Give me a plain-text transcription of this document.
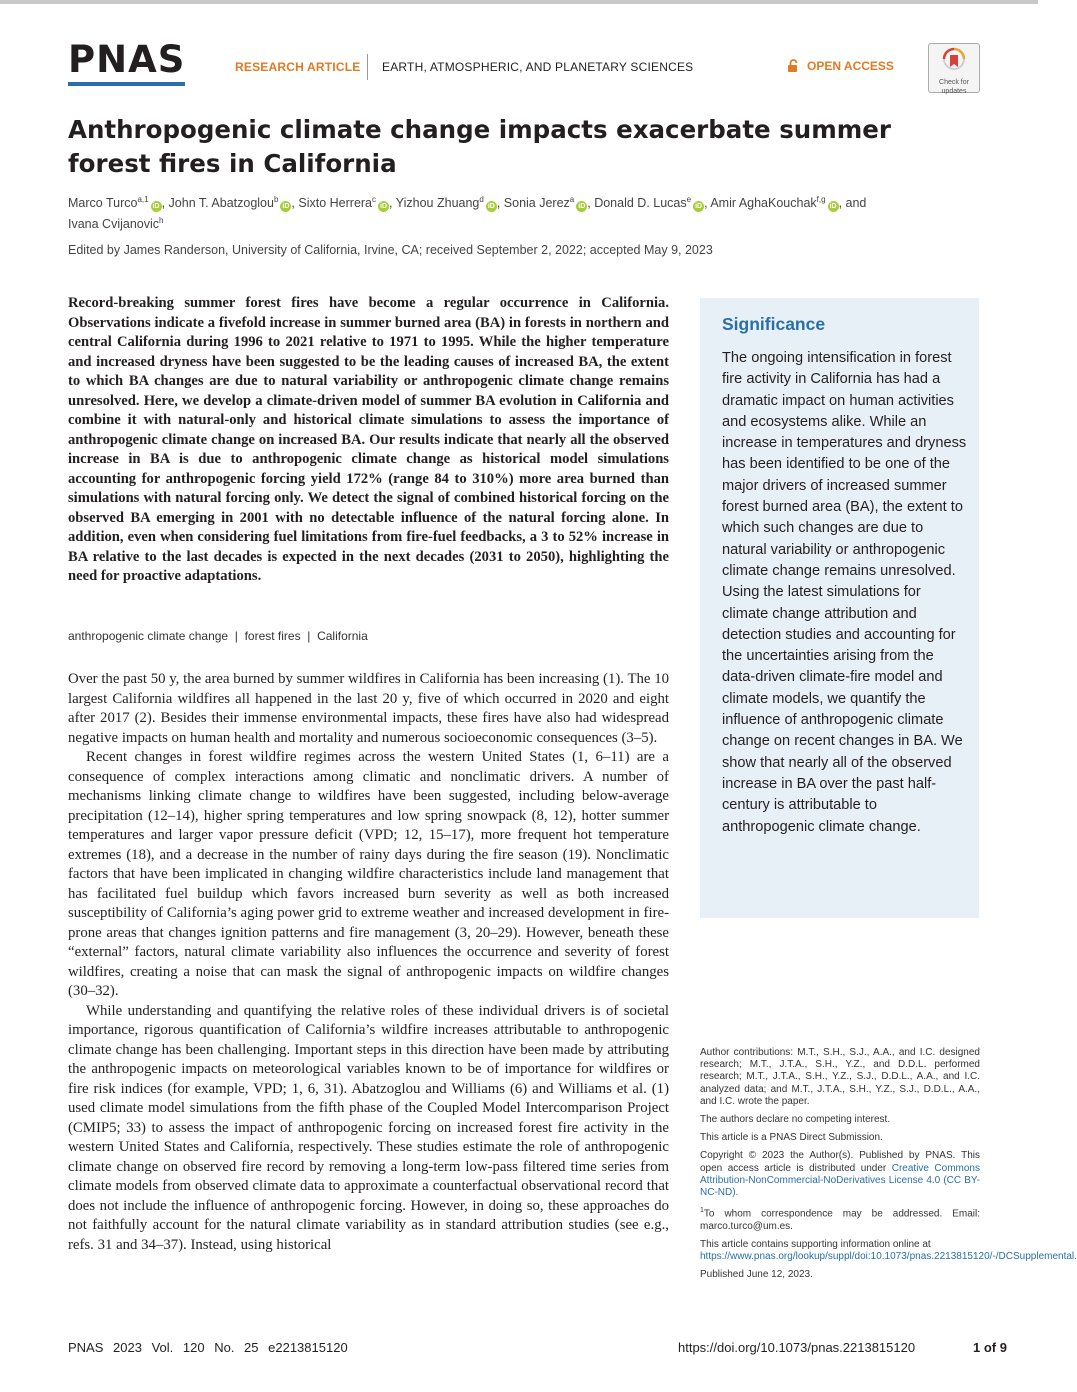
PNAS	RESEARCH ARTICLE EARTH, ATMOSPHERIC, AND PLANETARY SCIENCES	OPEN ACCESS
Check for
updates
Anthropogenic climate change impacts exacerbate summer forest fires in California
Marco Turco$^{a,1}$iD , John T. Abatzoglou$^b$iD , Sixto Herrera$^c$iD , Yizhou Zhuang$^d$iD , Sonia Jerez$^a$iD , Donald D. Lucas$^e$iD , Amir AghaKouchak$^{f,g}$iD , and
Ivana Cvijanovic$^h$
Edited by James Randerson, University of California, Irvine, CA; received September 2, 2022; accepted May 9, 2023
Record-breaking summer forest fires have become a regular occurrence in California. Observations indicate a fivefold increase in summer burned area (BA) in forests in northern and central California during 1996 to 2021 relative to 1971 to 1995. While the higher temperature and increased dryness have been suggested to be the leading causes of increased BA, the extent to which BA changes are due to natural variability or anthropogenic climate change remains unresolved. Here, we develop a climate-driven model of summer BA evolution in California and combine it with natural-only and historical climate simulations to assess the importance of anthropogenic climate change on increased BA. Our results indicate that nearly all the observed increase in BA is due to anthropogenic climate change as historical model simulations accounting for anthropogenic forcing yield 172% (range 84 to 310%) more area burned than simulations with natural forcing only. We detect the signal of combined historical forcing on the observed BA emerging in 2001 with no detectable influence of the natural forcing alone. In addition, even when considering fuel limitations from fire-fuel feedbacks, a 3 to 52% increase in BA relative to the last decades is expected in the next decades (2031 to 2050), highlighting the need for proactive adaptations.
anthropogenic climate change | forest fires | California

Over the past 50 y, the area burned by summer wildfires in California has been increasing (1). The 10 largest California wildfires all happened in the last 20 y, five of which occurred in 2020 and eight after 2017 (2). Besides their immense environmental impacts, these fires have also had widespread negative impacts on human health and mortality and numerous socioeconomic consequences (3–5).

Recent changes in forest wildfire regimes across the western United States (1, 6–11) are a consequence of complex interactions among climatic and nonclimatic drivers. A number of mechanisms linking climate change to wildfires have been suggested, including below-average precipitation (12–14), higher spring temperatures and low spring snowpack (8, 12), hotter summer temperatures and larger vapor pressure deficit (VPD; 12, 15–17), more frequent hot temperature extremes (18), and a decrease in the number of rainy days during the fire season (19). Nonclimatic factors that have been implicated in changing wildfire characteristics include land management that has facilitated fuel buildup which favors increased burn severity as well as both increased susceptibility of California’s aging power grid to extreme weather and increased development in fire-prone areas that changes ignition patterns and fire management (3, 20–29). However, beneath these “external” factors, natural climate variability also influences the occurrence and severity of forest wildfires, creating a noise that can mask the signal of anthropogenic impacts on wildfire changes (30–32).

While understanding and quantifying the relative roles of these individual drivers is of societal importance, rigorous quantification of California’s wildfire increases attributable to anthropogenic climate change has been challenging. Important steps in this direction have been made by attributing the anthropogenic impacts on meteorological variables known to be of importance for wildfires or fire risk indices (for example, VPD; 1, 6, 31). Abatzoglou and Williams (6) and Williams et al. (1) used climate model simulations from the fifth phase of the Coupled Model Intercomparison Project (CMIP5; 33) to assess the impact of anthropogenic forcing on increased forest fire activity in the western United States and California, respectively. These studies estimate the role of anthropogenic climate change on observed fire record by removing a long-term low-pass filtered time series from climate models from observed climate data to approximate a counterfactual observational record that does not include the influence of anthropogenic forcing. However, in doing so, these approaches do not faithfully account for the natural climate variability as in standard attribution studies (see e.g., refs. 31 and 34–37). Instead, using historical

Significance
The ongoing intensification in forest fire activity in California has had a dramatic impact on human activities and ecosystems alike. While an increase in temperatures and dryness has been identified to be one of the major drivers of increased summer forest burned area (BA), the extent to which such changes are due to natural variability or anthropogenic climate change remains unresolved. Using the latest simulations for climate change attribution and detection studies and accounting for the uncertainties arising from the data-driven climate-fire model and climate models, we quantify the influence of anthropogenic climate change on recent changes in BA. We show that nearly all of the observed increase in BA over the past half-century is attributable to anthropogenic climate change.

Author contributions: M.T., S.H., S.J., A.A., and I.C. designed research; M.T., J.T.A., S.H., Y.Z., and D.D.L. performed research; M.T., J.T.A., S.H., Y.Z., S.J., D.D.L., A.A., and I.C. analyzed data; and M.T., J.T.A., S.H., Y.Z., S.J., D.D.L., A.A., and I.C. wrote the paper.

The authors declare no competing interest.

This article is a PNAS Direct Submission.

Copyright © 2023 the Author(s). Published by PNAS. This open access article is distributed under Creative Commons Attribution-NonCommercial-NoDerivatives License 4.0 (CC BY-NC-ND).

$^1$To whom correspondence may be addressed. Email: marco.turco@um.es.

This article contains supporting information online at https://www.pnas.org/lookup/suppl/doi:10.1073/pnas.2213815120/-/DCSupplemental.

Published June 12, 2023.

PNAS 2023 Vol. 120 No. 25 e2213815120	https://doi.org/10.1073/pnas.2213815120	1 of 9
